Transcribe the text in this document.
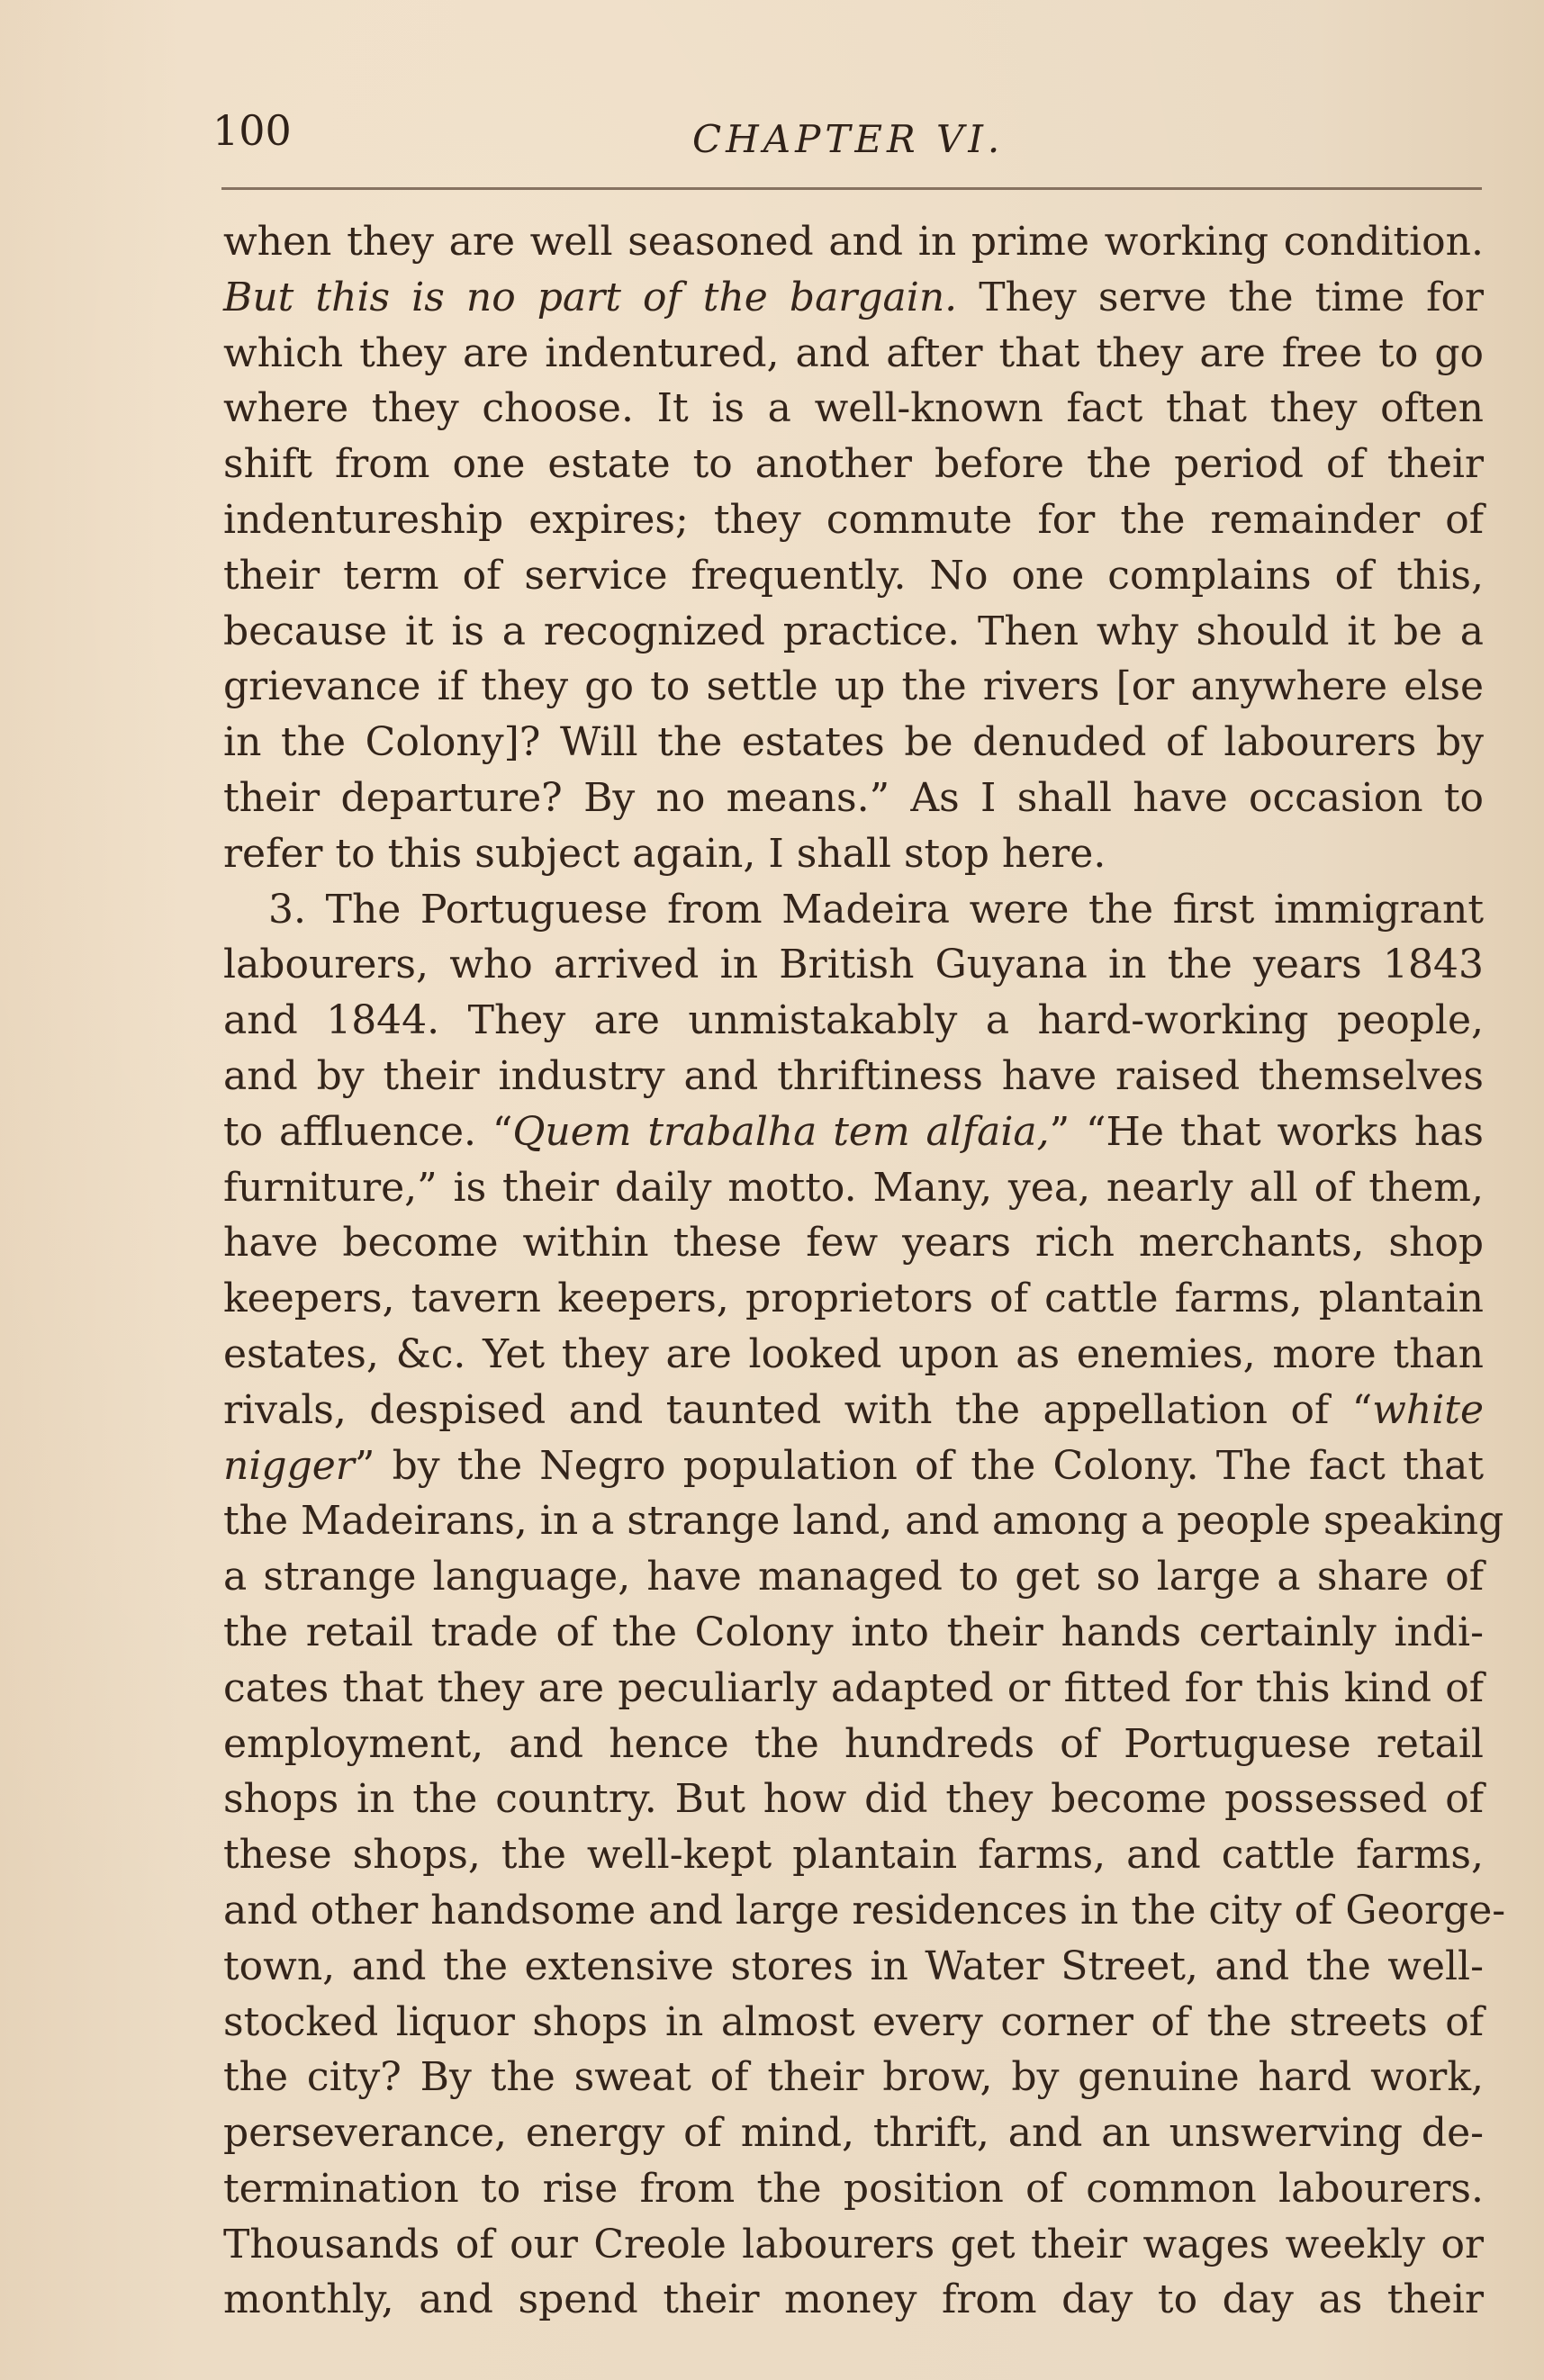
100	CHAPTER VI.
when they are well seasoned and in prime working condition.
But this is no part of the bargain. They serve the time for
which they are indentured, and after that they are free to go
where they choose. It is a well-known fact that they often
shift from one estate to another before the period of their
indentureship expires; they commute for the remainder of
their term of service frequently. No one complains of this,
because it is a recognized practice. Then why should it be a
grievance if they go to settle up the rivers [or anywhere else
in the Colony]? Will the estates be denuded of labourers by
their departure? By no means.” As I shall have occasion to
refer to this subject again, I shall stop here.
3. The Portuguese from Madeira were the first immigrant
labourers, who arrived in British Guyana in the years 1843
and 1844. They are unmistakably a hard-working people,
and by their industry and thriftiness have raised themselves
to affluence. “Quem trabalha tem alfaia,” “He that works has
furniture,” is their daily motto. Many, yea, nearly all of them,
have become within these few years rich merchants, shop
keepers, tavern keepers, proprietors of cattle farms, plantain
estates, &c. Yet they are looked upon as enemies, more than
rivals, despised and taunted with the appellation of “white
nigger” by the Negro population of the Colony. The fact that
the Madeirans, in a strange land, and among a people speaking
a strange language, have managed to get so large a share of
the retail trade of the Colony into their hands certainly indi-
cates that they are peculiarly adapted or fitted for this kind of
employment, and hence the hundreds of Portuguese retail
shops in the country. But how did they become possessed of
these shops, the well-kept plantain farms, and cattle farms,
and other handsome and large residences in the city of George-
town, and the extensive stores in Water Street, and the well-
stocked liquor shops in almost every corner of the streets of
the city? By the sweat of their brow, by genuine hard work,
perseverance, energy of mind, thrift, and an unswerving de-
termination to rise from the position of common labourers.
Thousands of our Creole labourers get their wages weekly or
monthly, and spend their money from day to day as their
